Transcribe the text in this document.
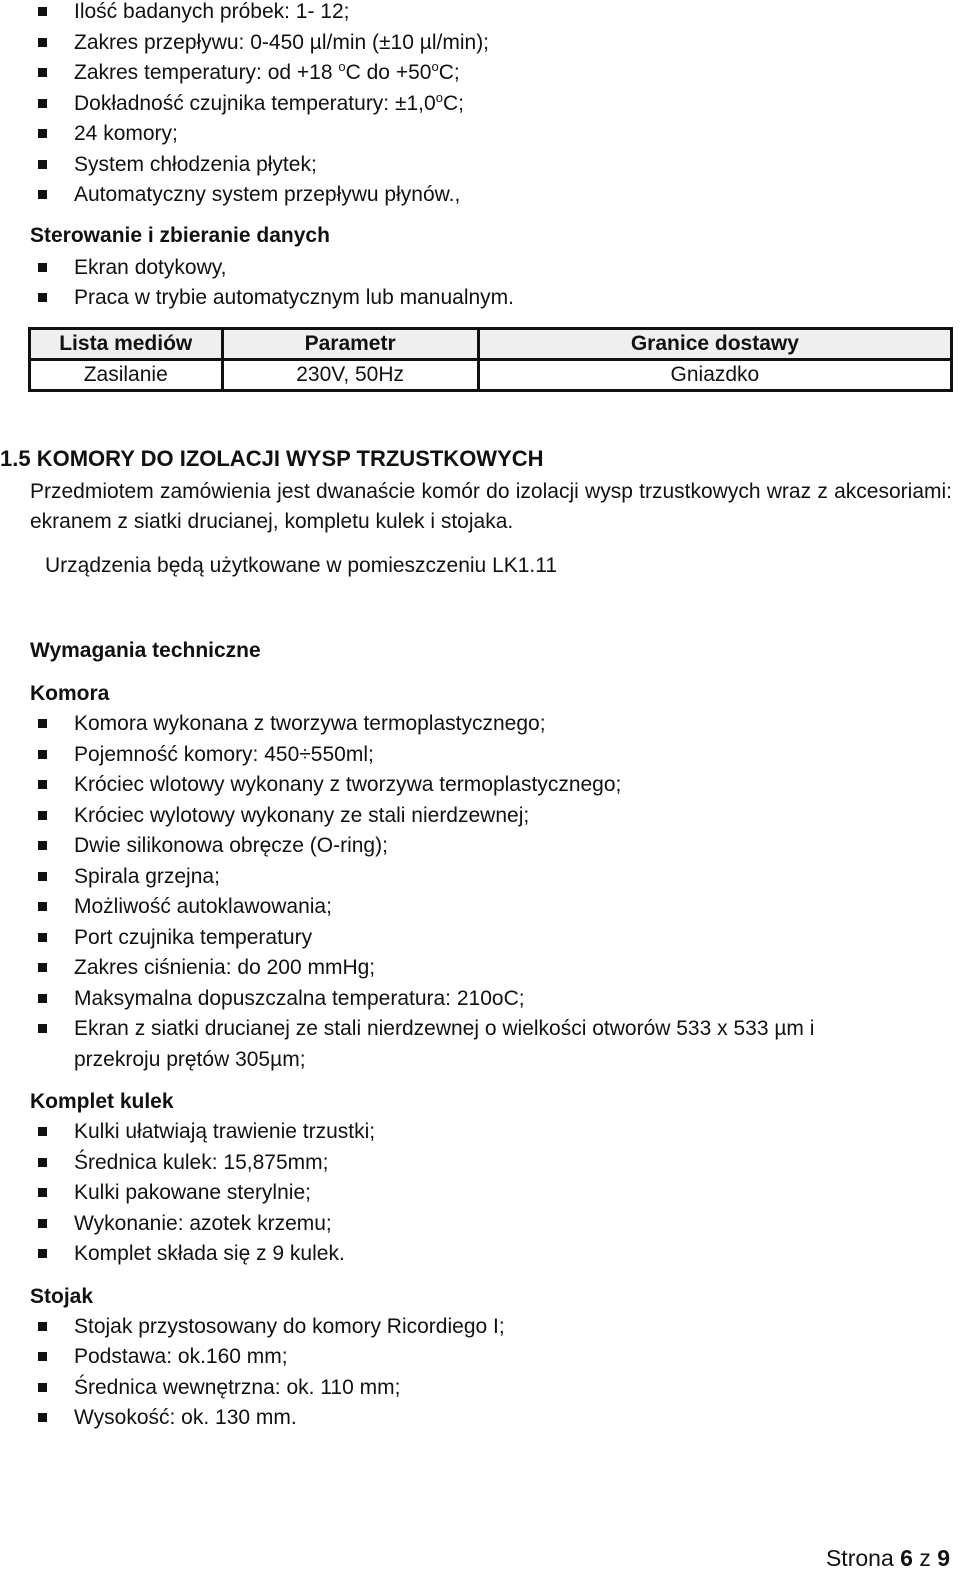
Ilość badanych próbek: 1- 12;
Zakres przepływu: 0-450 µl/min (±10 µl/min);
Zakres temperatury: od +18 $^o$C do $+50^oC$;
Dokładność czujnika temperatury: $\pm 1,0^oC$;
24 komory;
System chłodzenia płytek;
Automatyczny system przepływu płynów.,
Sterowanie i zbieranie danych
Ekran dotykowy,
Praca w trybie automatycznym lub manualnym.
Lista mediów	Parametr	Granice dostawy
Zasilanie	230V, 50Hz	Gniazdko
1.5 KOMORY DO IZOLACJI WYSP TRZUSTKOWYCH
Przedmiotem zamówienia jest dwanaście komór do izolacji wysp trzustkowych wraz z akcesoriami: ekranem z siatki drucianej, kompletu kulek i stojaka.
Urządzenia będą użytkowane w pomieszczeniu LK1.11
Wymagania techniczne
Komora
Komora wykonana z tworzywa termoplastycznego;
Pojemność komory: 450÷550ml;
Króciec wlotowy wykonany z tworzywa termoplastycznego;
Króciec wylotowy wykonany ze stali nierdzewnej;
Dwie silikonowa obręcze (O-ring);
Spirala grzejna;
Możliwość autoklawowania;
Port czujnika temperatury
Zakres ciśnienia: do 200 mmHg;
Maksymalna dopuszczalna temperatura: 210oC;
Ekran z siatki drucianej ze stali nierdzewnej o wielkości otworów 533 x 533 µm i przekroju prętów 305µm;
Komplet kulek
Kulki ułatwiają trawienie trzustki;
Średnica kulek: 15,875mm;
Kulki pakowane sterylnie;
Wykonanie: azotek krzemu;
Komplet składa się z 9 kulek.
Stojak
Stojak przystosowany do komory Ricordiego I;
Podstawa: ok.160 mm;
Średnica wewnętrzna: ok. 110 mm;
Wysokość: ok. 130 mm.
Strona 6 z 9
